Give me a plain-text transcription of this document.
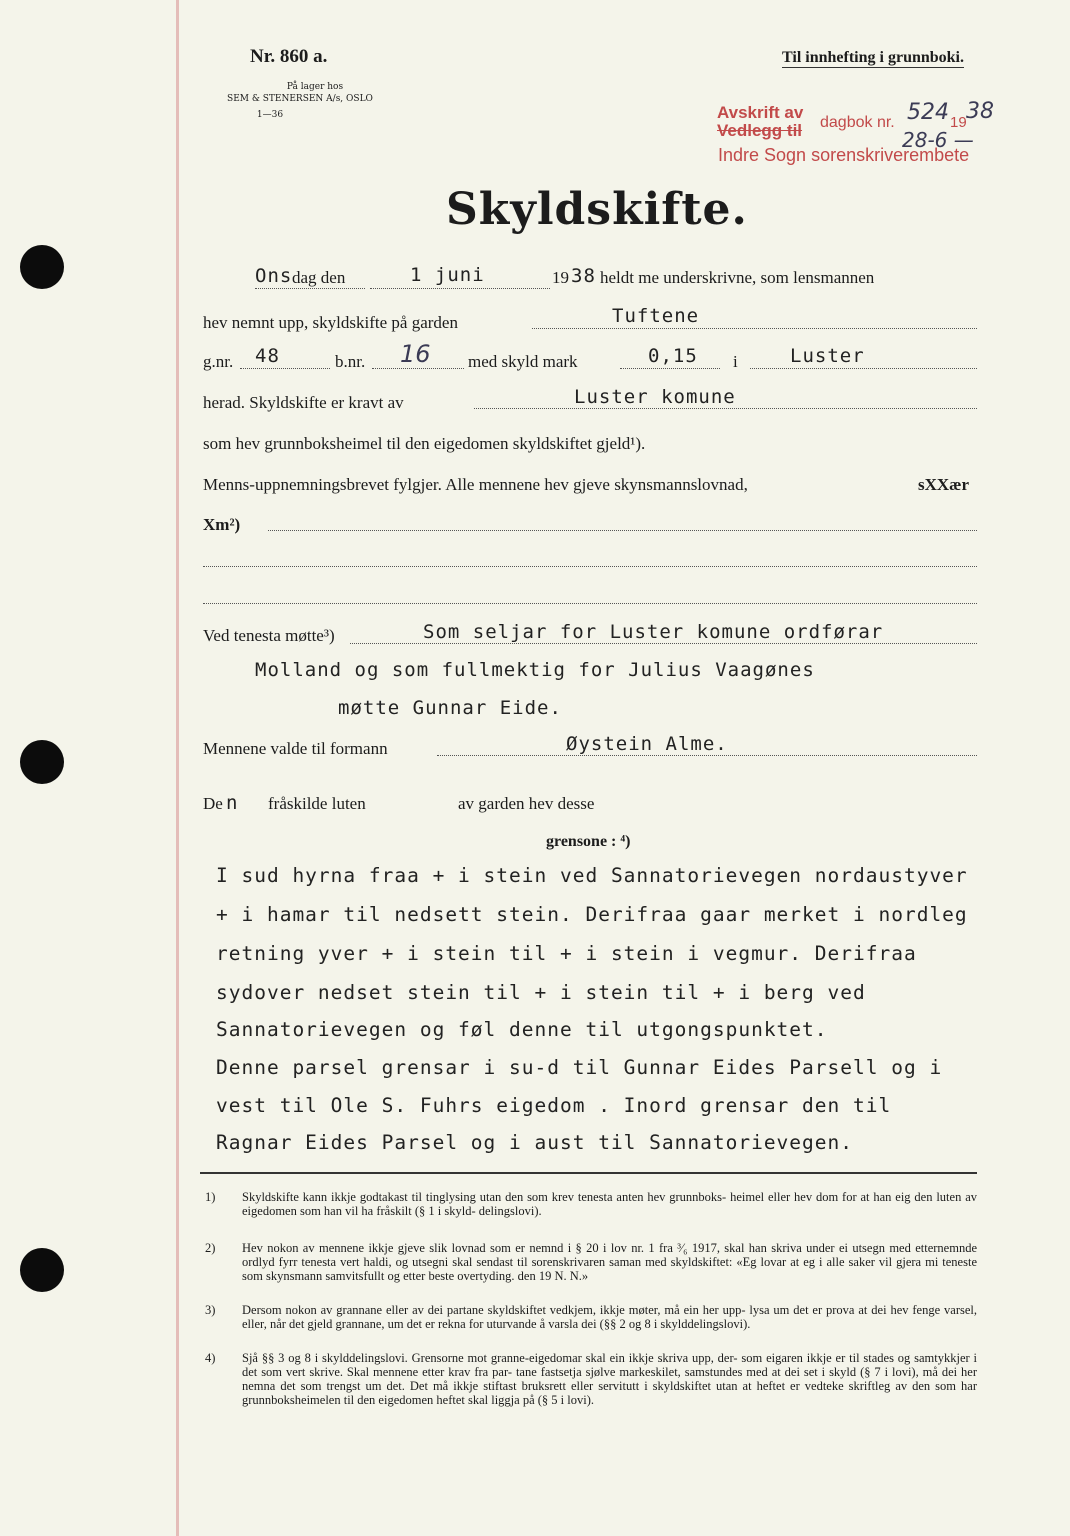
Nr. 860 a.
På lager hos
SEM & STENERSEN A/s, OSLO
1—36
Til innhefting i grunnboki.
Avskrift av
Vedlegg til dagbok nr. 524 19 38
28-6 —
Indre Sogn sorenskriverembete
Skyldskifte.
Ons dag den	1 juni	19 38 heldt me underskrivne, som lensmannen
hev nemnt upp, skyldskifte på garden	Tuftene
g.nr. 48	b.nr. 16 med skyld mark	0,15 i	Luster
herad. Skyldskifte er kravt av	Luster komune
som hev grunnboksheimel til den eigedomen skyldskiftet gjeld¹).
Menns-uppnemningsbrevet fylgjer. Alle mennene hev gjeve skynsmannslovnad,	sXXær
Xm²)
Ved tenesta møtte³)	Som seljar for Luster komune ordførar
Molland og som fullmektig for Julius Vaagønes
møtte Gunnar Eide.
Mennene valde til formann	Øystein Alme.
De n fråskilde luten	av garden hev desse
grensone : ⁴)
I sud hyrna fraa + i stein ved Sannatorievegen nordaustyver
+ i hamar til nedsett stein. Derifraa gaar merket i nordleg
retning yver + i stein til + i stein i vegmur. Derifraa
sydover nedset stein til + i stein til + i berg ved
Sannatorievegen og føl denne til utgongspunktet.
Denne parsel grensar i su-d til Gunnar Eides Parsell og i
vest til Ole S. Fuhrs eigedom . Inord grensar den til
Ragnar Eides Parsel og i aust til Sannatorievegen.
1) Skyldskifte kann ikkje godtakast til tinglysing utan den som krev tenesta anten hev grunnboks- heimel eller hev dom for at han eig den luten av eigedomen som han vil ha fråskilt (§ 1 i skyld- delingslovi).
2) Hev nokon av mennene ikkje gjeve slik lovnad som er nemnd i § 20 i lov nr. 1 fra ³⁄₆ 1917, skal han skriva under ei utsegn med etternemnde ordlyd fyrr tenesta vert haldi, og utsegni skal sendast til sorenskrivaren saman med skyldskiftet: «Eg lovar at eg i alle saker vil gjera mi teneste som skynsmann samvitsfullt og etter beste overtyding. den 19 N. N.»
3) Dersom nokon av grannane eller av dei partane skyldskiftet vedkjem, ikkje møter, må ein her upp- lysa um det er prova at dei hev fenge varsel, eller, når det gjeld grannane, um det er rekna for uturvande å varsla dei (§§ 2 og 8 i skylddelingslovi).
4) Sjå §§ 3 og 8 i skylddelingslovi. Grensorne mot granne-eigedomar skal ein ikkje skriva upp, der- som eigaren ikkje er til stades og samtykkjer i det som vert skrive. Skal mennene etter krav fra par- tane fastsetja sjølve markeskilet, samstundes med at dei set i skyld (§ 7 i lovi), må dei her nemna det som trengst um det. Det må ikkje stiftast bruksrett eller servitutt i skyldskiftet utan at heftet er vedteke skriftleg av den som har grunnboksheimelen til den eigedomen heftet skal liggja på (§ 5 i lovi).
